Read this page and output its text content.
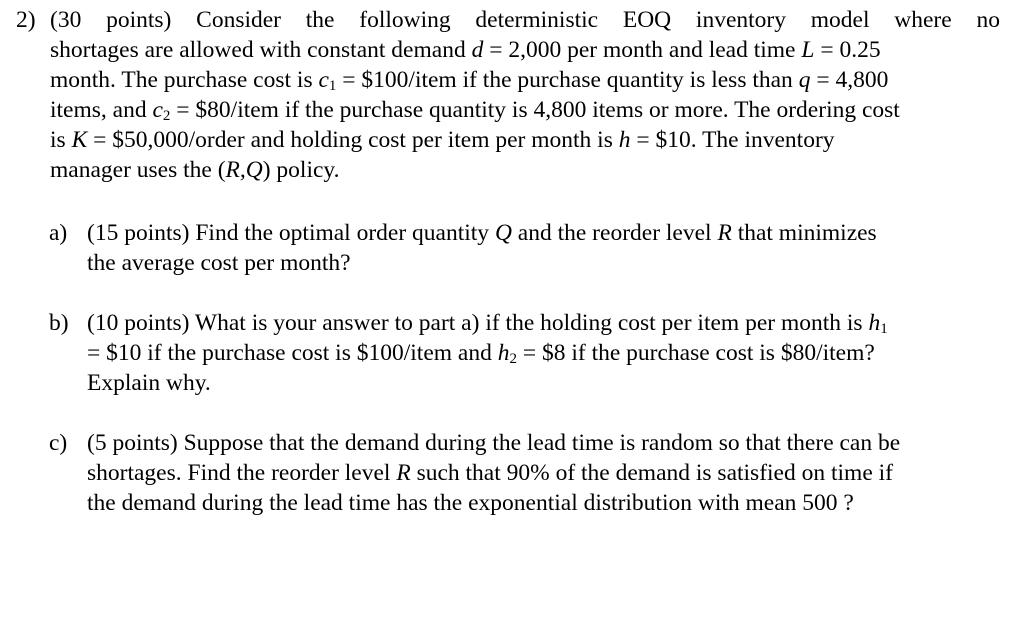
2) (30 points) Consider the following deterministic EOQ inventory model where no
shortages are allowed with constant demand d = 2,000 per month and lead time L = 0.25
month. The purchase cost is $c_1$ = $100/item if the purchase quantity is less than q = 4,800
items, and $c_2$ = $80/item if the purchase quantity is 4,800 items or more. The ordering cost
is K = $50,000/order and holding cost per item per month is h = $10. The inventory
manager uses the (R,Q) policy.
a) (15 points) Find the optimal order quantity Q and the reorder level R that minimizes
the average cost per month?
b) (10 points) What is your answer to part a) if the holding cost per item per month is $h_1$
= $10 if the purchase cost is $100/item and $h_2$ = $8 if the purchase cost is $80/item?
Explain why.
c) (5 points) Suppose that the demand during the lead time is random so that there can be
shortages. Find the reorder level R such that 90% of the demand is satisfied on time if
the demand during the lead time has the exponential distribution with mean 500 ?
